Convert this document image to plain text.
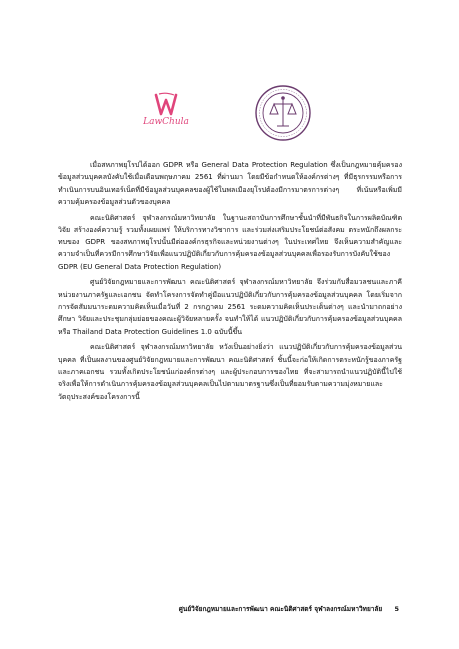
LawChula

เมื่อสหภาพยุโรปได้ออก GDPR หรือ General Data Protection Regulation ซึ่งเป็นกฎหมายคุ้มครองข้อมูลส่วนบุคคลบังคับใช้เมื่อเดือนพฤษภาคม 2561 ที่ผ่านมา โดยมีข้อกำหนดให้องค์กรต่างๆ ที่มีธุรกรรมหรือการทำเนินการบนอินเทอร์เน็ตที่มีข้อมูลส่วนบุคคลของผู้ใช้ในพลเมืองยุโรปต้องมีการมาตรการต่างๆ ที่เน้นหรือเพิ่มมีความคุ้มครองข้อมูลส่วนตัวของบุคคล

คณะนิติศาสตร์ จุฬาลงกรณ์มหาวิทยาลัย ในฐานะสถาบันการศึกษาชั้นนำที่มีพันธกิจในการผลิตบัณฑิต วิจัย สร้างองค์ความรู้ รวมทั้งเผยแพร่ ให้บริการทางวิชาการ และร่วมส่งเสริมประโยชน์ต่อสังคม ตระหนักถึงผลกระทบของ GDPR ของสหภาพยุโรปนั้นมีต่อองค์กรธุรกิจและหน่วยงานต่างๆ ในประเทศไทย จึงเห็นความสำคัญและความจำเป็นที่ควรมีการศึกษาวิจัยเพื่อแนวปฏิบัติเกี่ยวกับการคุ้มครองข้อมูลส่วนบุคคลเพื่อรองรับการบังคับใช้ของ GDPR (EU General Data Protection Regulation)

ศูนย์วิจัยกฎหมายและการพัฒนา คณะนิติศาสตร์ จุฬาลงกรณ์มหาวิทยาลัย จึงร่วมกับสื่อมวลชนและภาคีหน่วยงานภาครัฐและเอกชน จัดทำโครงการจัดทำคู่มือแนวปฏิบัติเกี่ยวกับการคุ้มครองข้อมูลส่วนบุคคล โดยเริ่มจากการจัดสัมมนาระดมความคิดเห็นเมื่อวันที่ 2 กรกฎาคม 2561 ระดมความคิดเห็นประเด็นต่างๆ และนำมาถกอย่างศึกษา วิจัยและประชุมกลุ่มย่อยของคณะผู้วิจัยหลายครั้ง จนทำให้ได้ แนวปฏิบัติเกี่ยวกับการคุ้มครองข้อมูลส่วนบุคคล หรือ Thailand Data Protection Guidelines 1.0 ฉบับนี้ขึ้น

คณะนิติศาสตร์ จุฬาลงกรณ์มหาวิทยาลัย หวังเป็นอย่างยิ่งว่า แนวปฏิบัติเกี่ยวกับการคุ้มครองข้อมูลส่วนบุคคล ที่เป็นผลงานของศูนย์วิจัยกฎหมายและการพัฒนา คณะนิติศาสตร์ ชิ้นนี้จะก่อให้เกิดการตระหนักรู้ของภาครัฐและภาคเอกชน รวมทั้งเกิดประโยชน์แก่องค์กรต่างๆ และผู้ประกอบการของไทย ที่จะสามารถนำแนวปฏิบัตินี้ไปใช้จริงเพื่อให้การดำเนินการคุ้มครองข้อมูลส่วนบุคคลเป็นไปตามมาตรฐานซึ่งเป็นที่ยอมรับตามความมุ่งหมายและวัตถุประสงค์ของโครงการนี้

ศูนย์วิจัยกฎหมายและการพัฒนา คณะนิติศาสตร์ จุฬาลงกรณ์มหาวิทยาลัย 5
